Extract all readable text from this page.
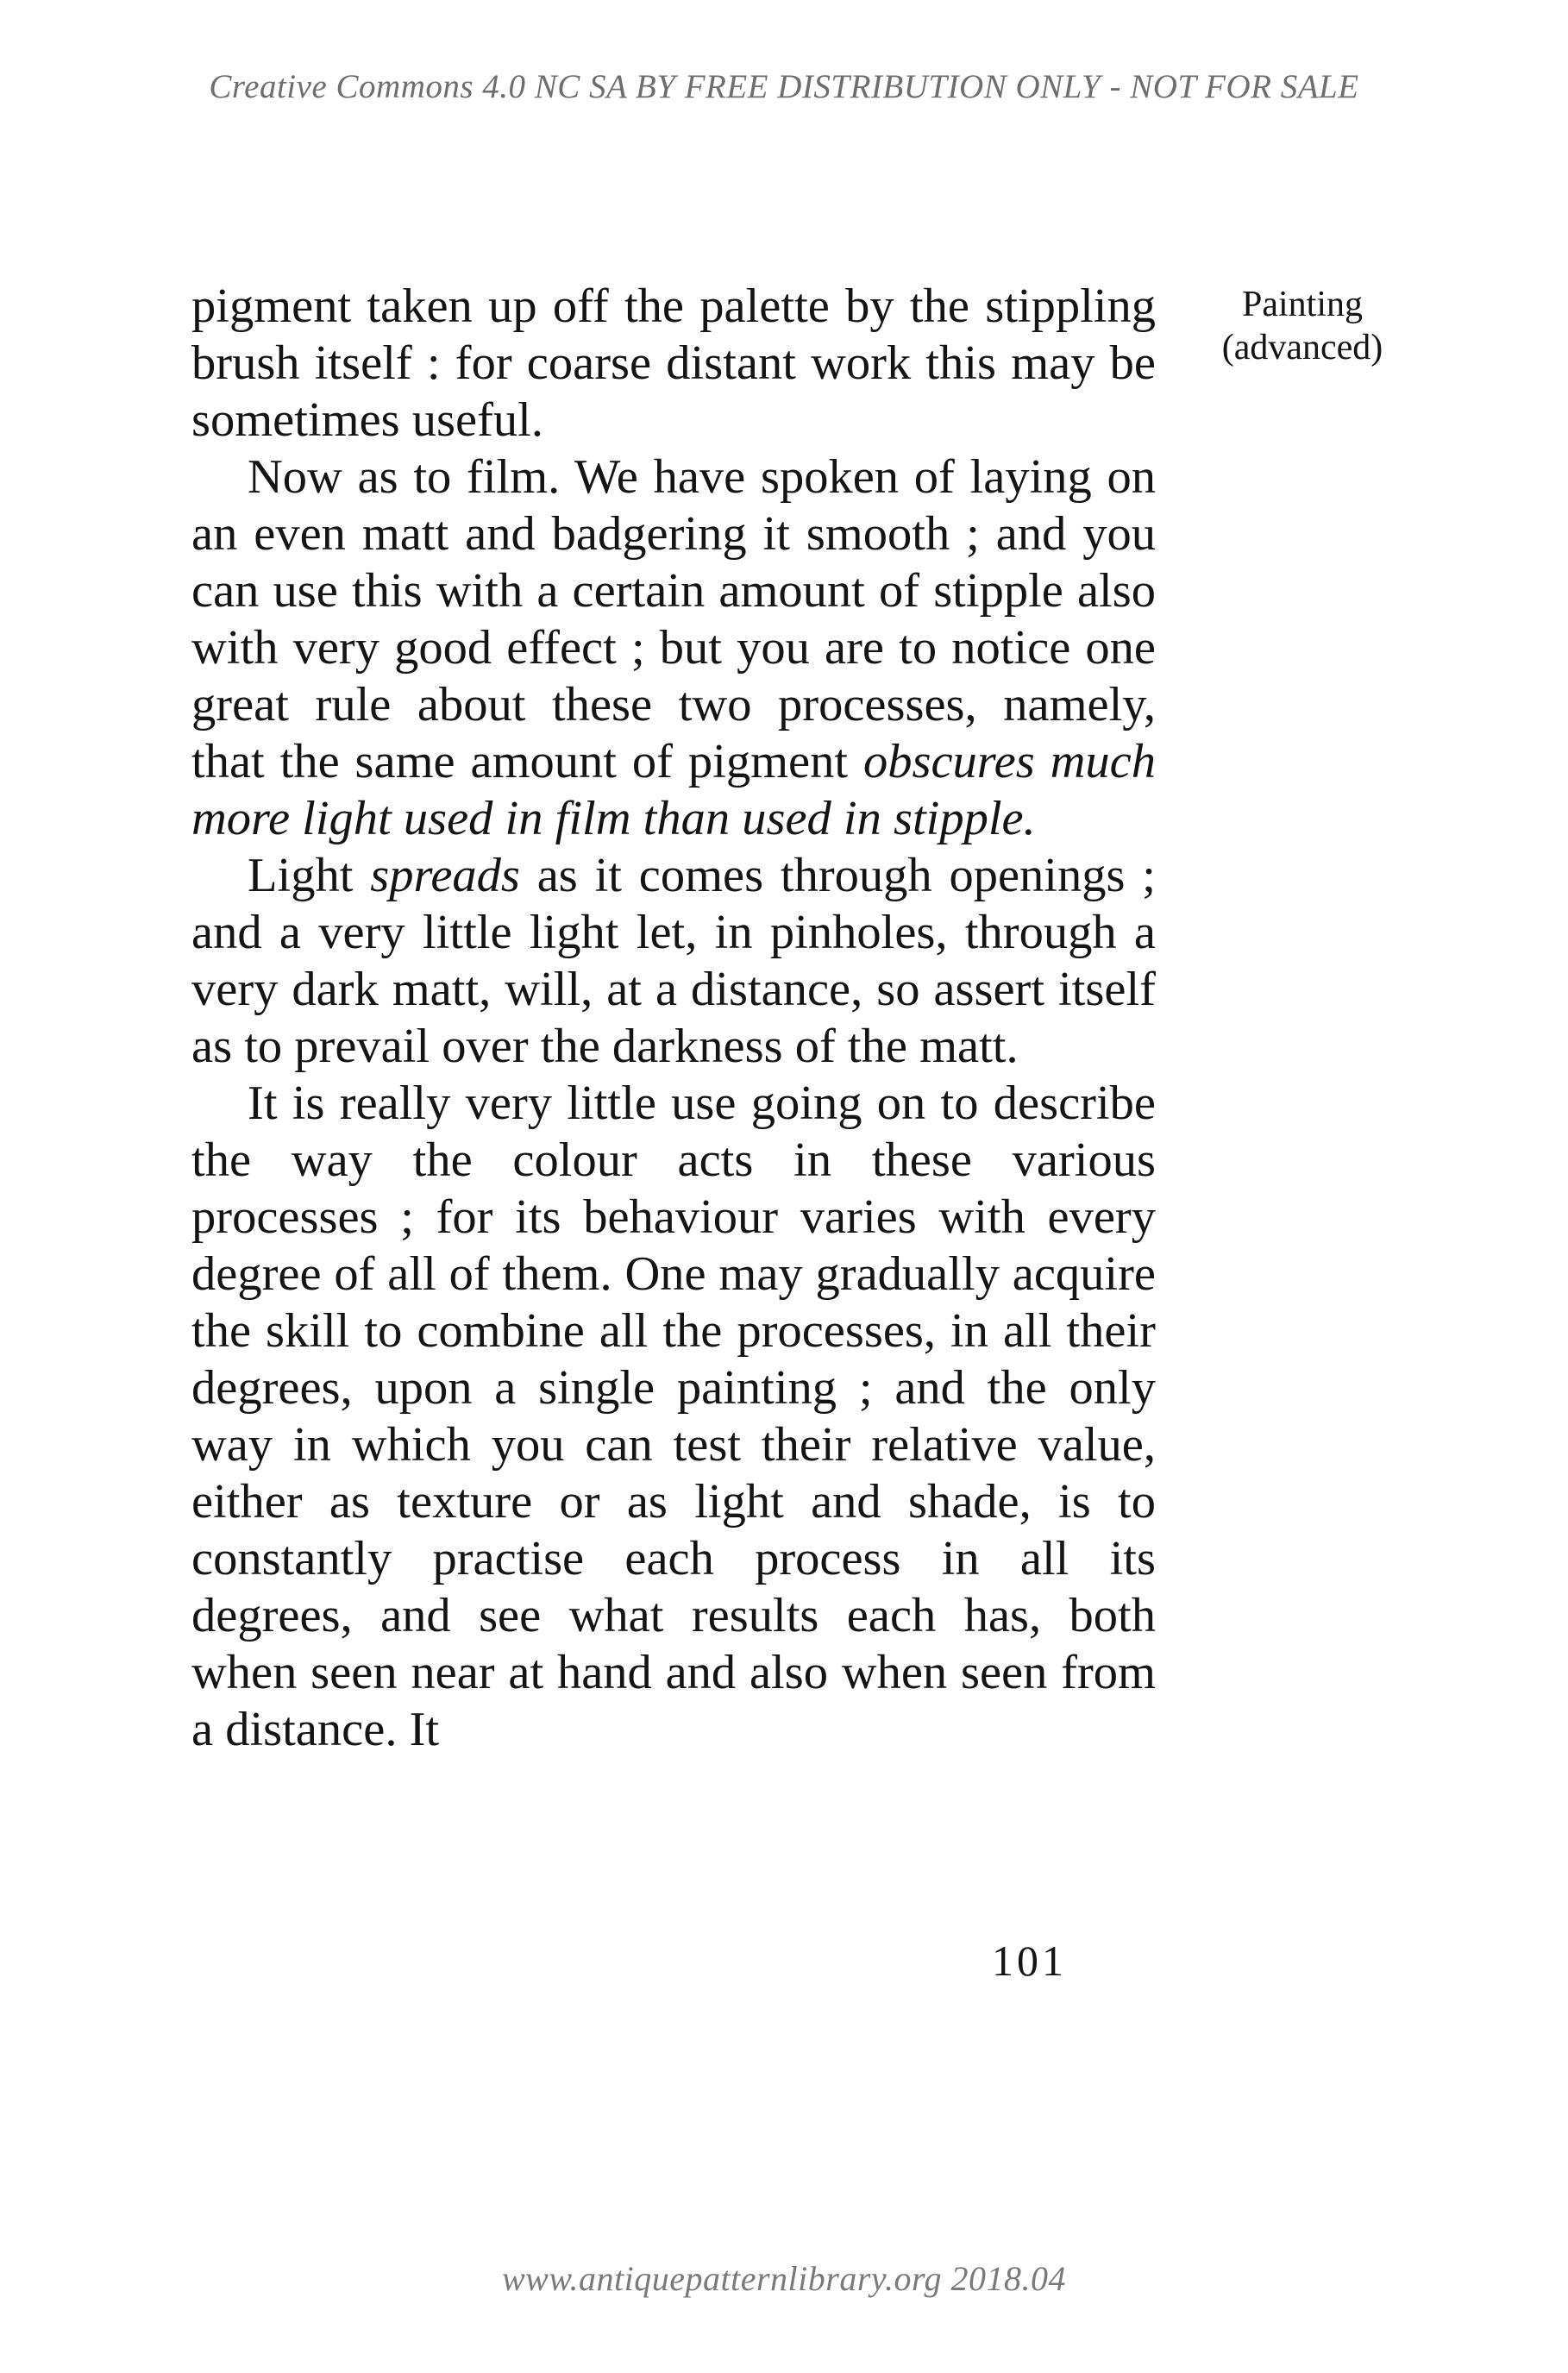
Creative Commons 4.0 NC SA BY FREE DISTRIBUTION ONLY - NOT FOR SALE
Painting
(advanced)

pigment taken up off the palette by the stippling brush itself : for coarse distant work this may be sometimes useful.

Now as to film. We have spoken of laying on an even matt and badgering it smooth ; and you can use this with a certain amount of stipple also with very good effect ; but you are to notice one great rule about these two processes, namely, that the same amount of pigment obscures much more light used in film than used in stipple.

Light spreads as it comes through openings ; and a very little light let, in pinholes, through a very dark matt, will, at a distance, so assert itself as to prevail over the darkness of the matt.

It is really very little use going on to describe the way the colour acts in these various processes ; for its behaviour varies with every degree of all of them. One may gradually acquire the skill to combine all the processes, in all their degrees, upon a single painting ; and the only way in which you can test their relative value, either as texture or as light and shade, is to constantly practise each process in all its degrees, and see what results each has, both when seen near at hand and also when seen from a distance. It

101
www.antiquepatternlibrary.org 2018.04
